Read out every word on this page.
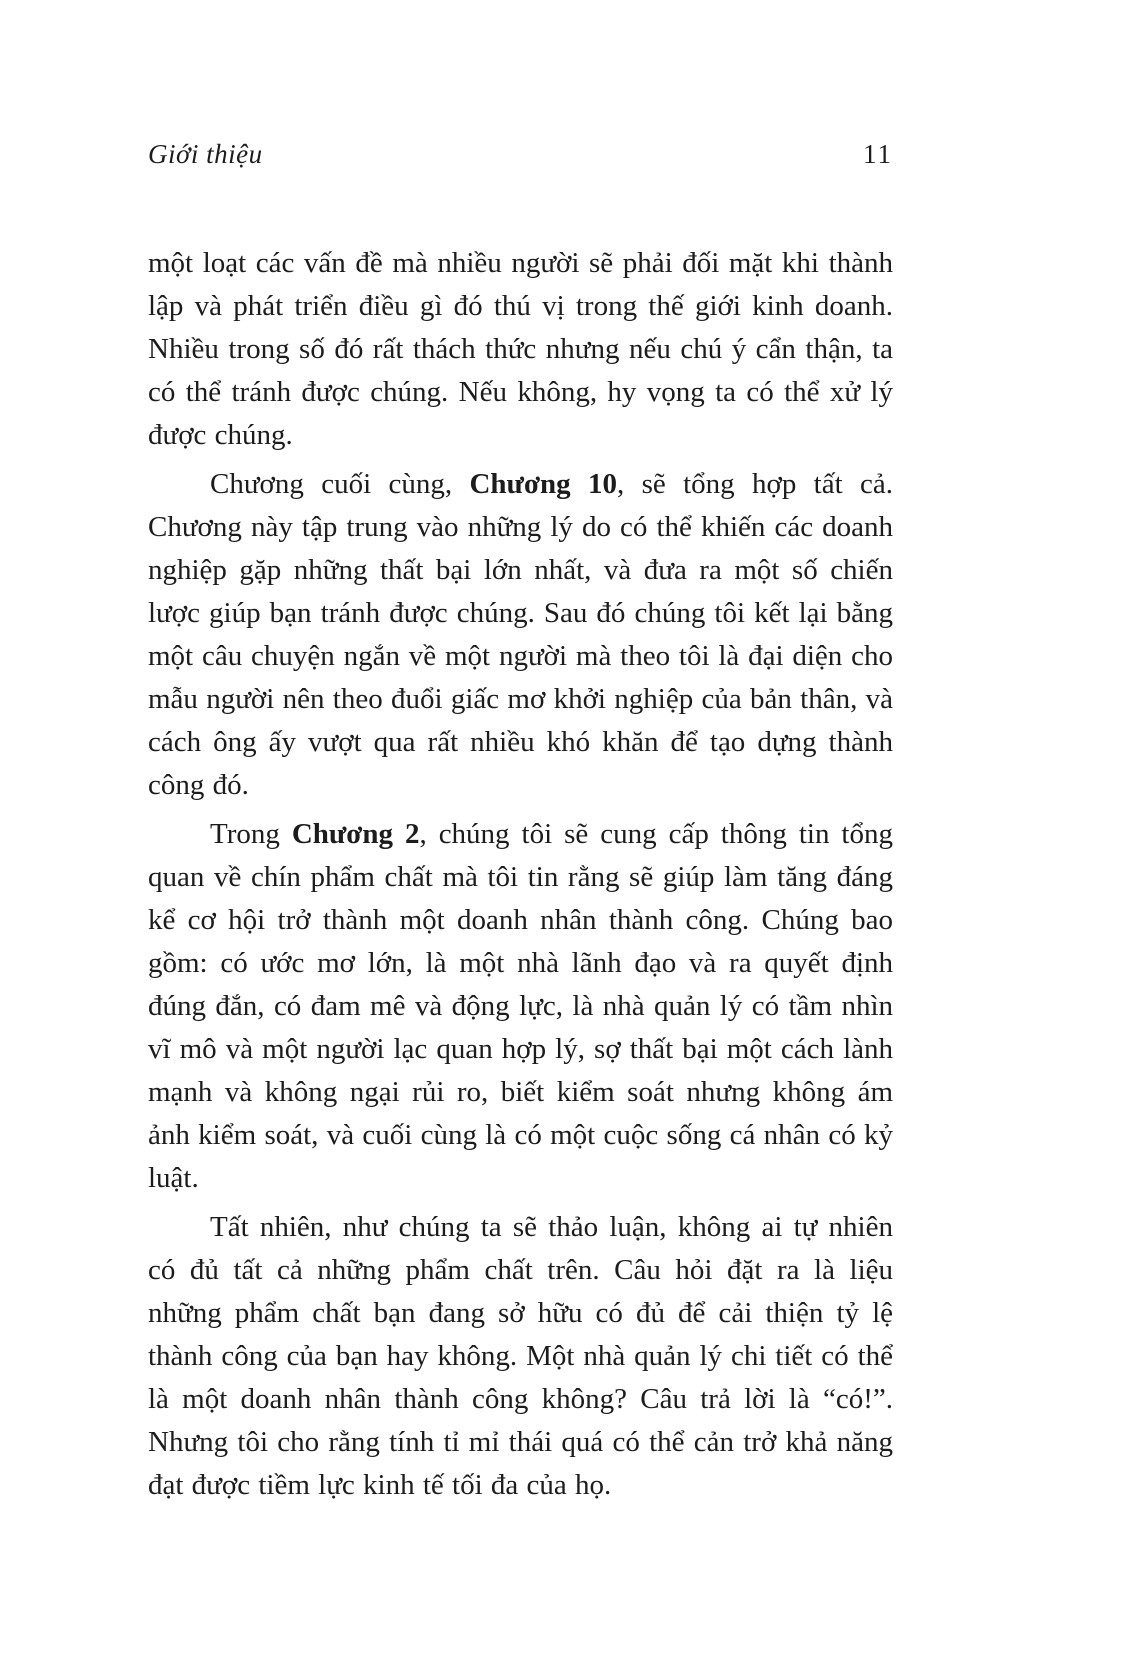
Giới thiệu	11

một loạt các vấn đề mà nhiều người sẽ phải đối mặt khi thành lập và phát triển điều gì đó thú vị trong thế giới kinh doanh. Nhiều trong số đó rất thách thức nhưng nếu chú ý cẩn thận, ta có thể tránh được chúng. Nếu không, hy vọng ta có thể xử lý được chúng.

Chương cuối cùng, Chương 10, sẽ tổng hợp tất cả. Chương này tập trung vào những lý do có thể khiến các doanh nghiệp gặp những thất bại lớn nhất, và đưa ra một số chiến lược giúp bạn tránh được chúng. Sau đó chúng tôi kết lại bằng một câu chuyện ngắn về một người mà theo tôi là đại diện cho mẫu người nên theo đuổi giấc mơ khởi nghiệp của bản thân, và cách ông ấy vượt qua rất nhiều khó khăn để tạo dựng thành công đó.

Trong Chương 2, chúng tôi sẽ cung cấp thông tin tổng quan về chín phẩm chất mà tôi tin rằng sẽ giúp làm tăng đáng kể cơ hội trở thành một doanh nhân thành công. Chúng bao gồm: có ước mơ lớn, là một nhà lãnh đạo và ra quyết định đúng đắn, có đam mê và động lực, là nhà quản lý có tầm nhìn vĩ mô và một người lạc quan hợp lý, sợ thất bại một cách lành mạnh và không ngại rủi ro, biết kiểm soát nhưng không ám ảnh kiểm soát, và cuối cùng là có một cuộc sống cá nhân có kỷ luật.

Tất nhiên, như chúng ta sẽ thảo luận, không ai tự nhiên có đủ tất cả những phẩm chất trên. Câu hỏi đặt ra là liệu những phẩm chất bạn đang sở hữu có đủ để cải thiện tỷ lệ thành công của bạn hay không. Một nhà quản lý chi tiết có thể là một doanh nhân thành công không? Câu trả lời là “có!”. Nhưng tôi cho rằng tính tỉ mỉ thái quá có thể cản trở khả năng đạt được tiềm lực kinh tế tối đa của họ.
